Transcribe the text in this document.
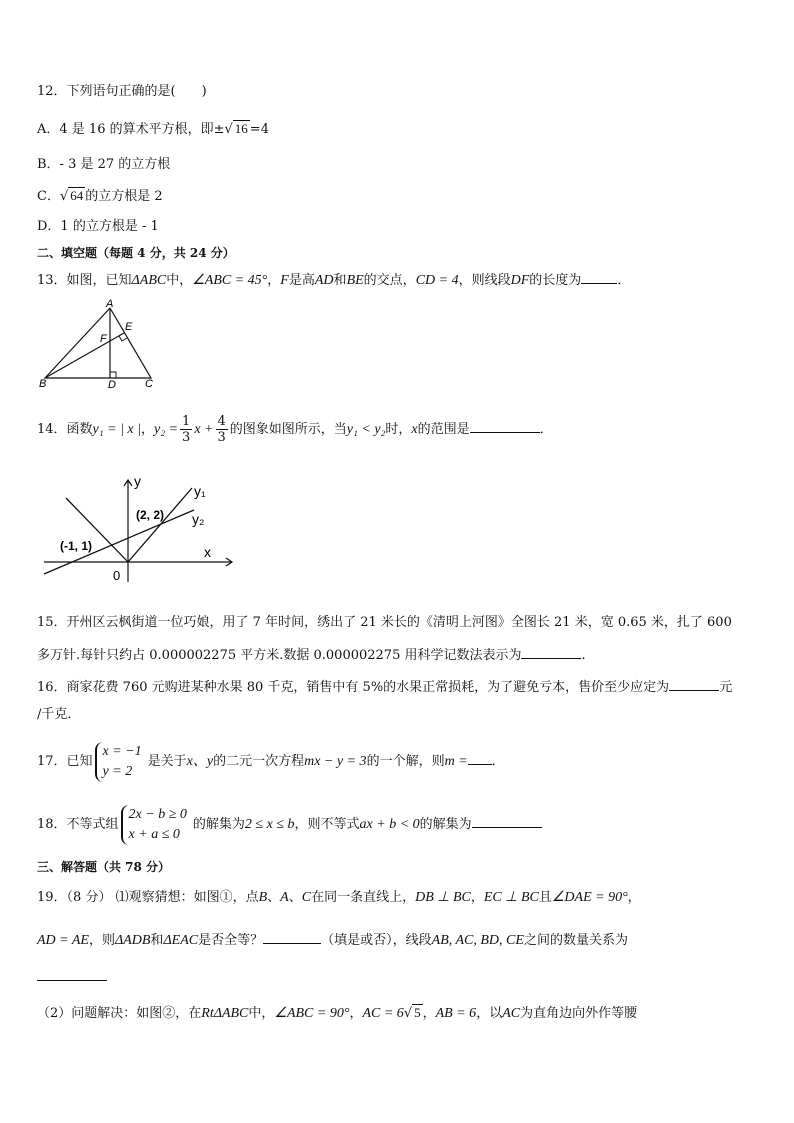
12．下列语句正确的是(　　)
A．4 是 16 的算术平方根，即±√ 16 =4
B．- 3 是 27 的立方根
C．√ 64 的立方根是 2
D．1 的立方根是 - 1
二、填空题（每题 4 分，共 24 分）
13．如图，已知ΔABC中，∠ABC = 45°，F是高AD和BE的交点，CD = 4，则线段DF的长度为	．
A
B	C
D
E
F
14．函数y₁ = | x |，$y_2 = \frac{1}{3}$ $x + \frac{4}{3}$ 的图象如图所示，当y₁ < y₂时，x的范围是	．
y
x
0
(2, 2)
(-1, 1)
y₁
y₂
15．开州区云枫街道一位巧娘，用了 7 年时间，绣出了 21 米长的《清明上河图》全图长 21 米，宽 0.65 米，扎了 600
多万针.每针只约占 0.000002275 平方米.数据 0.000002275 用科学记数法表示为	.
16．商家花费 760 元购进某种水果 80 千克，销售中有 5%的水果正常损耗，为了避免亏本，售价至少应定为	元
/千克．
17．已知
x = −1
y = 2
是关于x、y的二元一次方程mx − y = 3的一个解，则m = ．
18．不等式组
2x − b ≥ 0
x + a ≤ 0
的解集为2 ≤ x ≤ b，则不等式ax + b < 0的解集为
三、解答题（共 78 分）
19．（8 分） ⑴观察猜想：如图①，点B、A、C在同一条直线上，DB ⊥ BC，EC ⊥ BC且∠DAE = 90°，
AD = AE，则ΔADB和ΔEAC是否全等？	（填是或否），线段AB, AC, BD, CE之间的数量关系为
（2）问题解决：如图②，在RtΔABC中，∠ABC = 90°，AC = 6√ 5 ，AB = 6，以AC为直角边向外作等腰
